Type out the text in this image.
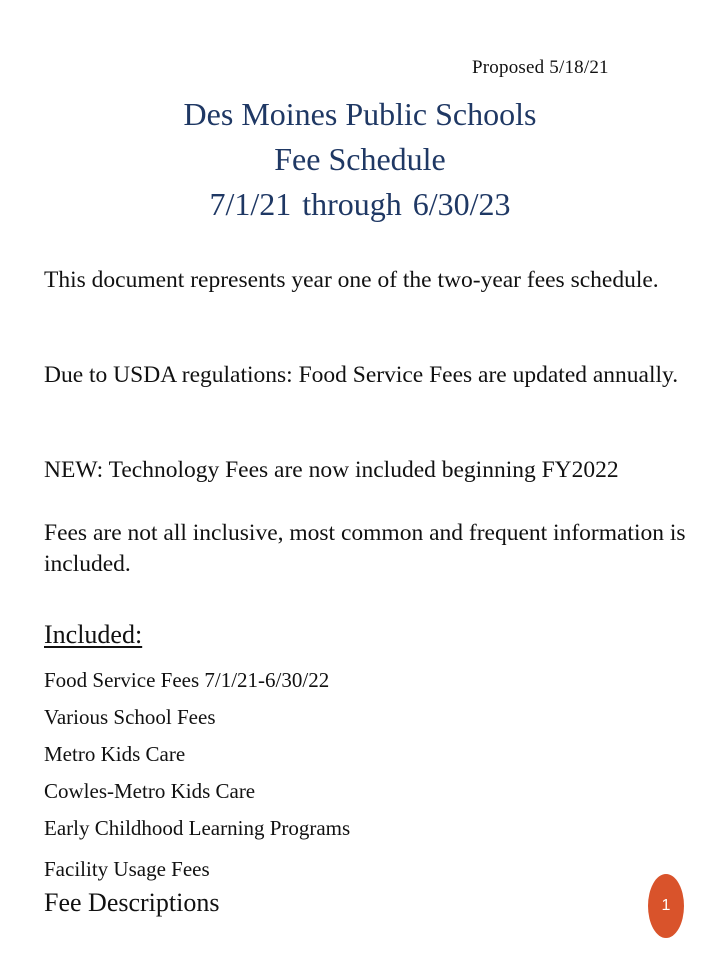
Proposed 5/18/21
Des Moines Public Schools
Fee Schedule
7/1/21 through 6/30/23
This document represents year one of the two-year fees schedule.
Due to USDA regulations: Food Service Fees are updated annually.
NEW: Technology Fees are now included beginning FY2022
Fees are not all inclusive, most common and frequent information is included.
Included:
Food Service Fees 7/1/21-6/30/22
Various School Fees
Metro Kids Care
Cowles-Metro Kids Care
Early Childhood Learning Programs
Facility Usage Fees
Fee Descriptions	1
